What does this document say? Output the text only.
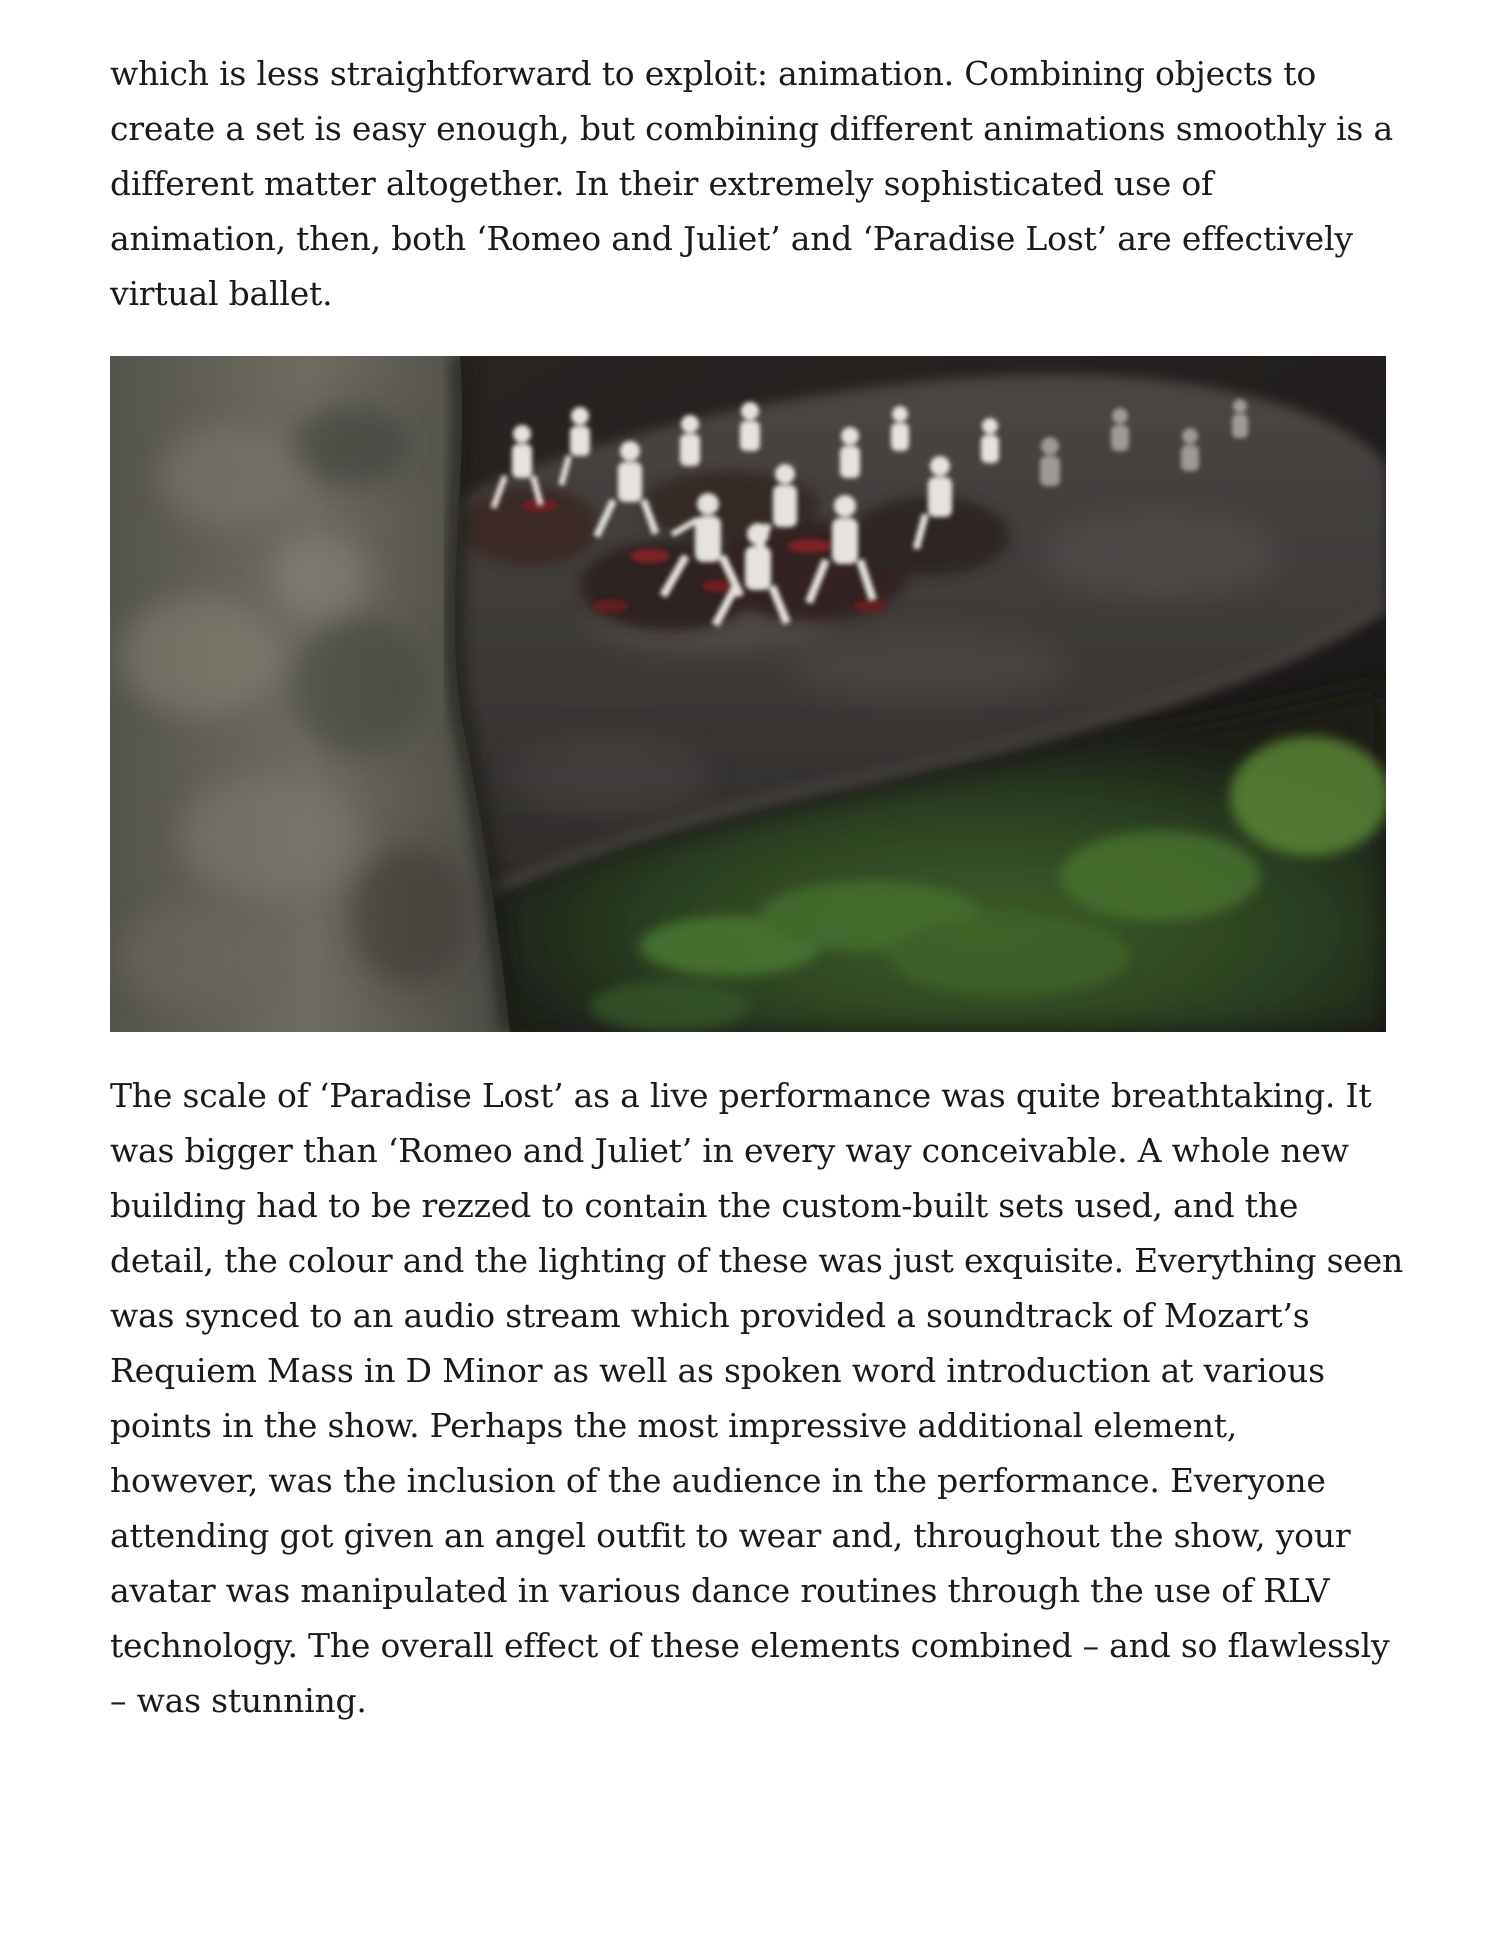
which is less straightforward to exploit: animation. Combining objects to
create a set is easy enough, but combining different animations smoothly is a
different matter altogether. In their extremely sophisticated use of
animation, then, both ‘Romeo and Juliet’ and ‘Paradise Lost’ are effectively
virtual ballet.

The scale of ‘Paradise Lost’ as a live performance was quite breathtaking. It
was bigger than ‘Romeo and Juliet’ in every way conceivable. A whole new
building had to be rezzed to contain the custom-built sets used, and the
detail, the colour and the lighting of these was just exquisite. Everything seen
was synced to an audio stream which provided a soundtrack of Mozart’s
Requiem Mass in D Minor as well as spoken word introduction at various
points in the show. Perhaps the most impressive additional element,
however, was the inclusion of the audience in the performance. Everyone
attending got given an angel outfit to wear and, throughout the show, your
avatar was manipulated in various dance routines through the use of RLV
technology. The overall effect of these elements combined – and so flawlessly
– was stunning.
